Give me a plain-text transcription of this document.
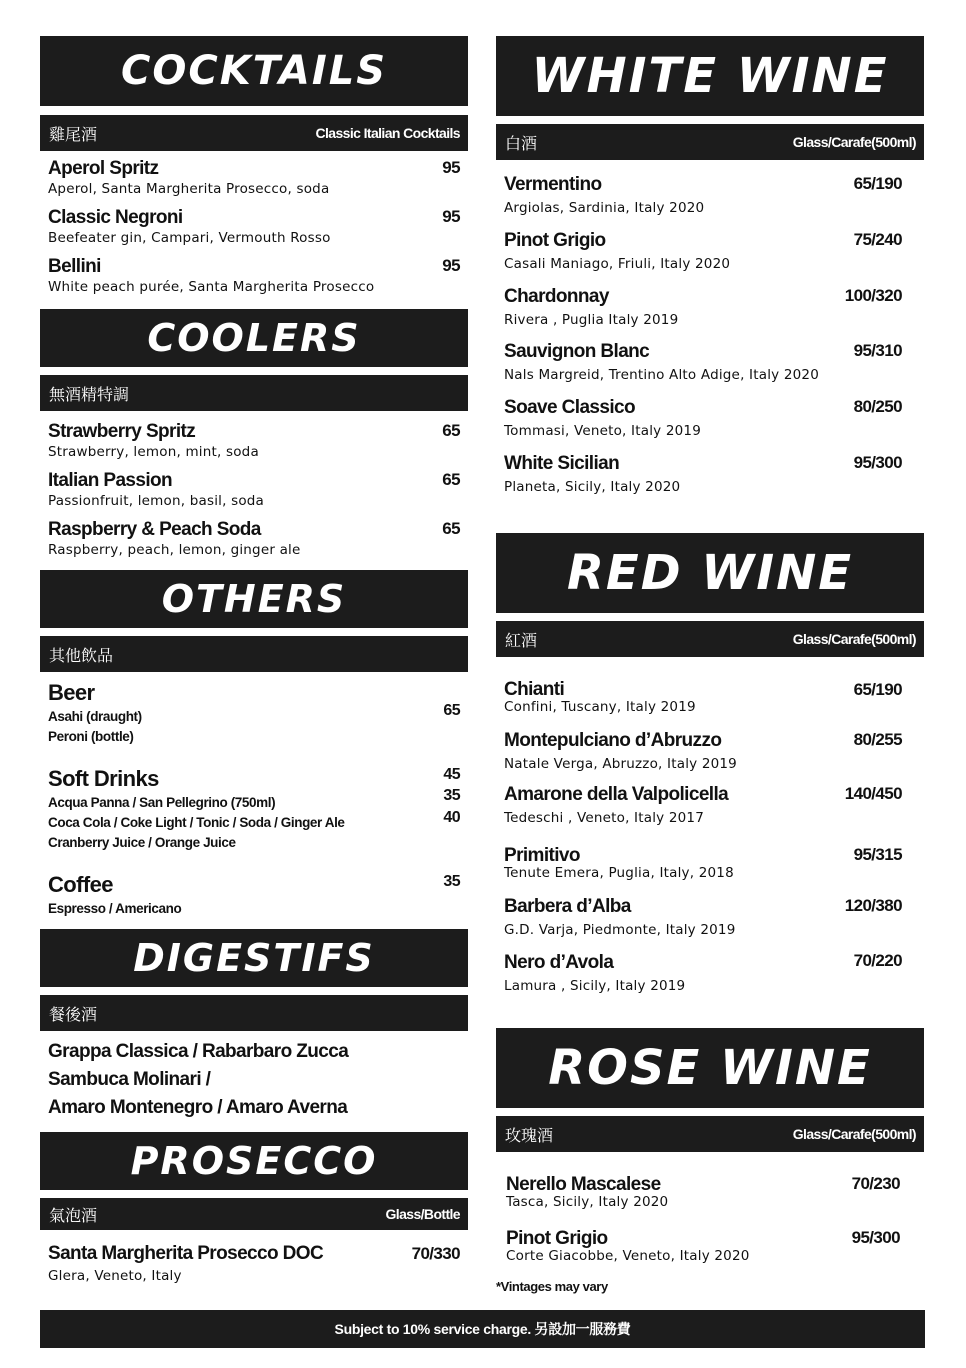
COCKTAILS
雞尾酒	Classic Italian Cocktails
Aperol Spritz
Aperol, Santa Margherita Prosecco, soda
95
Classic Negroni
Beefeater gin, Campari, Vermouth Rosso
95
Bellini
White peach purée, Santa Margherita Prosecco
95
COOLERS
無酒精特調
Strawberry Spritz
Strawberry, lemon, mint, soda
65
Italian Passion
Passionfruit, lemon, basil, soda
65
Raspberry & Peach Soda
Raspberry, peach, lemon, ginger ale
65
OTHERS
其他飲品
Beer
Asahi (draught)
Peroni (bottle)
65
Soft Drinks
Acqua Panna / San Pellegrino (750ml)
Coca Cola / Coke Light / Tonic / Soda / Ginger Ale
Cranberry Juice / Orange Juice
45
35
40
Coffee
Espresso / Americano
35
DIGESTIFS
餐後酒
Grappa Classica / Rabarbaro Zucca
Sambuca Molinari /
Amaro Montenegro / Amaro Averna
PROSECCO
氣泡酒	Glass/Bottle
Santa Margherita Prosecco DOC
Glera, Veneto, Italy
70/330
WHITE WINE
白酒	Glass/Carafe(500ml)
Vermentino
Argiolas, Sardinia, Italy 2020
65/190
Pinot Grigio
Casali Maniago, Friuli, Italy 2020
75/240
Chardonnay
Rivera , Puglia Italy 2019
100/320
Sauvignon Blanc
Nals Margreid, Trentino Alto Adige, Italy 2020
95/310
Soave Classico
Tommasi, Veneto, Italy 2019
80/250
White Sicilian
Planeta, Sicily, Italy 2020
95/300
RED WINE
紅酒	Glass/Carafe(500ml)
Chianti
Confini, Tuscany, Italy 2019
65/190
Montepulciano d’Abruzzo
Natale Verga, Abruzzo, Italy 2019
80/255
Amarone della Valpolicella
Tedeschi , Veneto, Italy 2017
140/450
Primitivo
Tenute Emera, Puglia, Italy, 2018
95/315
Barbera d’Alba
G.D. Varja, Piedmonte, Italy 2019
120/380
Nero d’Avola
Lamura , Sicily, Italy 2019
70/220
ROSE WINE
玫瑰酒	Glass/Carafe(500ml)
Nerello Mascalese
Tasca, Sicily, Italy 2020
70/230
Pinot Grigio
Corte Giacobbe, Veneto, Italy 2020
95/300
*Vintages may vary
Subject to 10% service charge. 另設加一服務費
